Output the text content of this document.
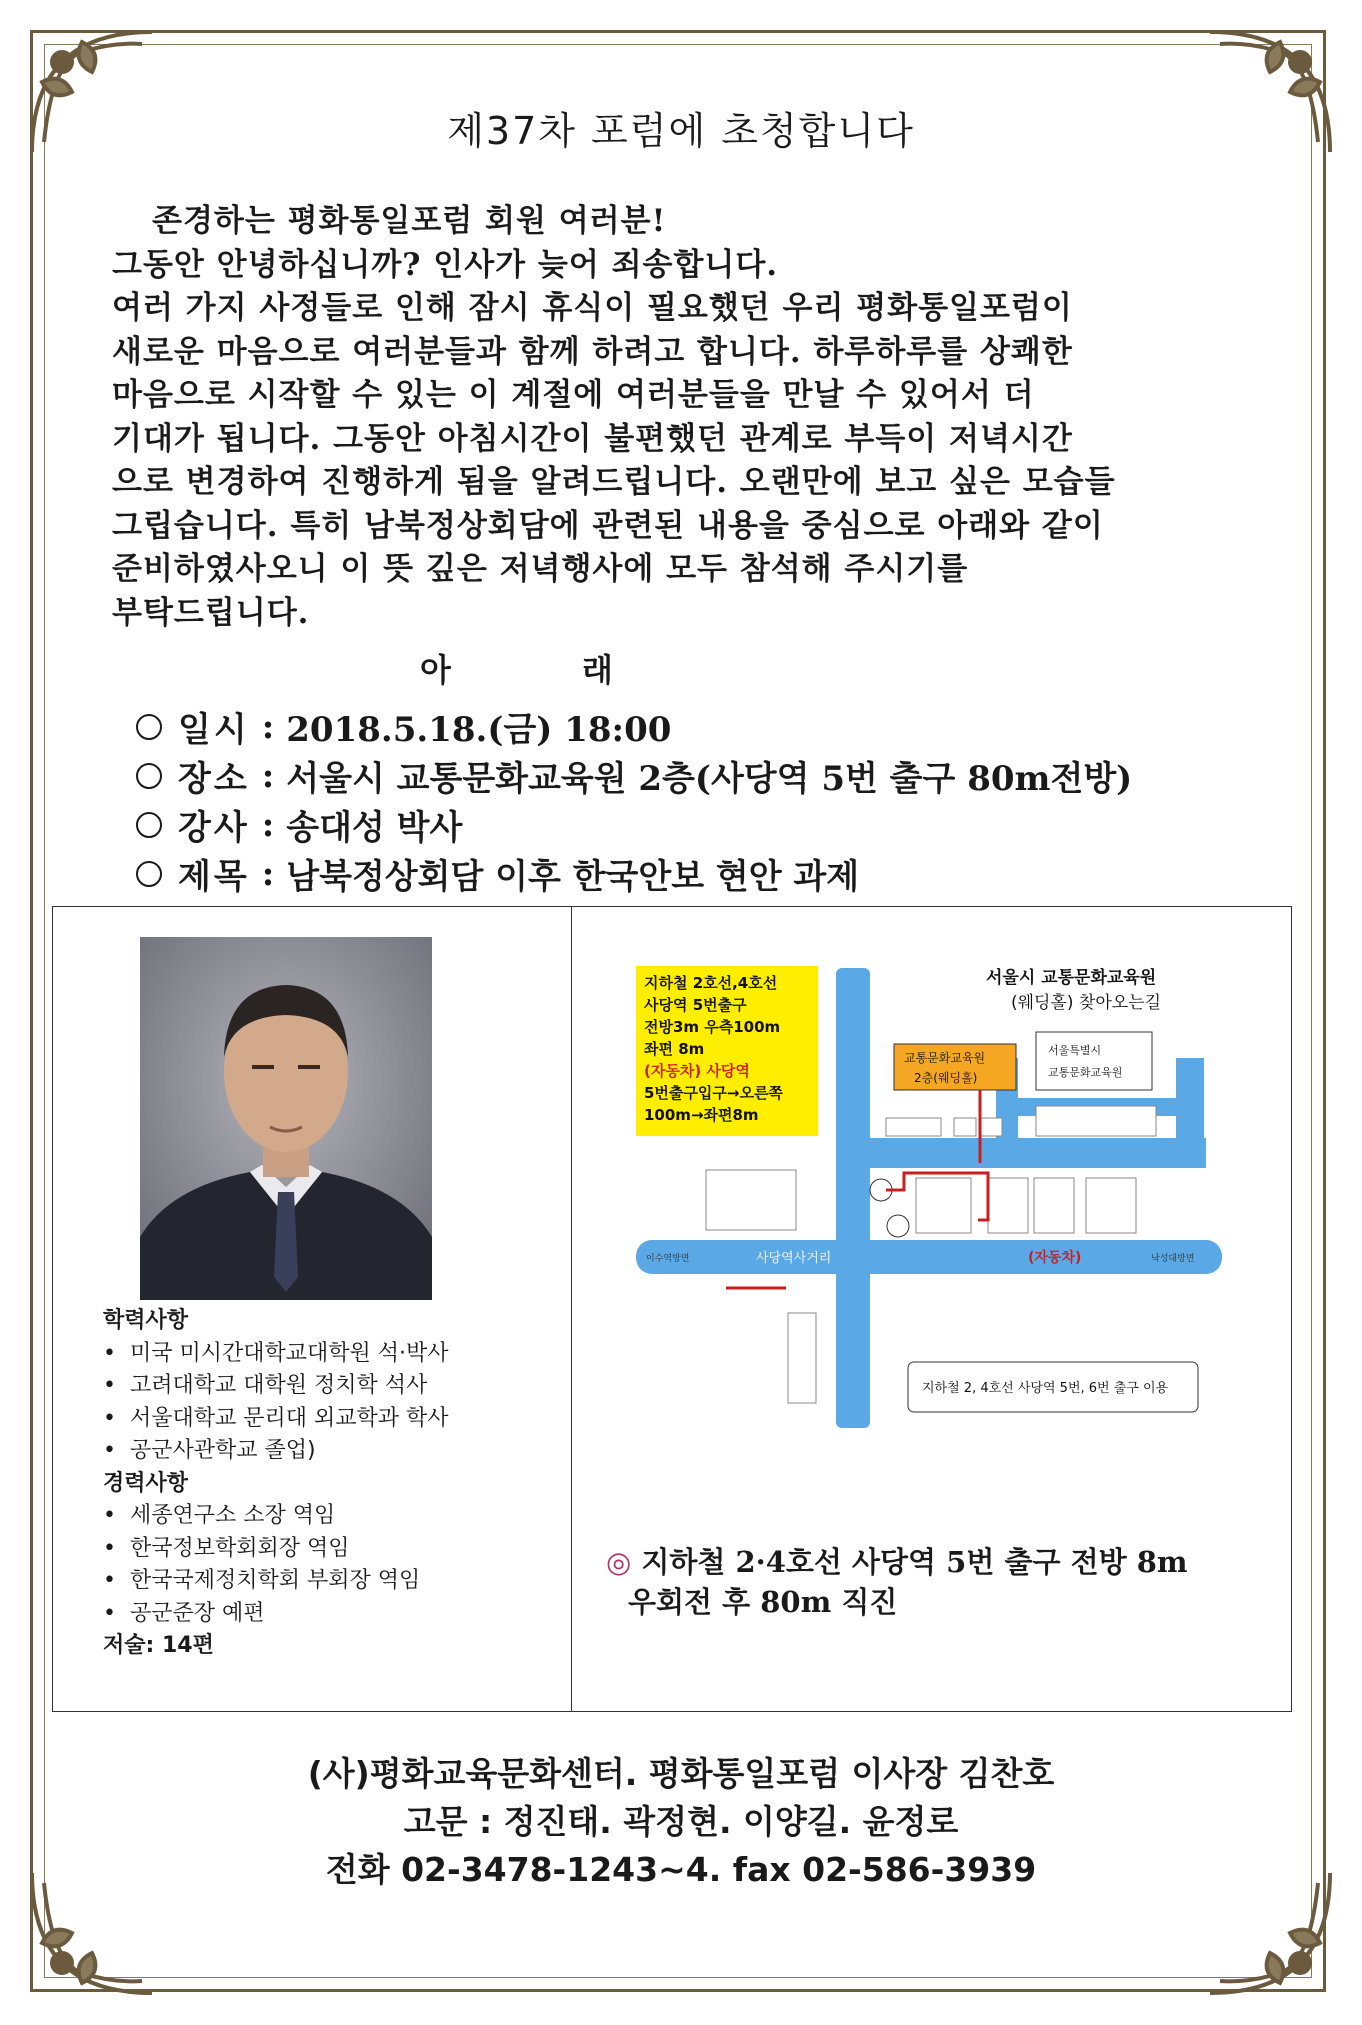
제37차 포럼에 초청합니다

존경하는 평화통일포럼 회원 여러분!

그동안 안녕하십니까? 인사가 늦어 죄송합니다.

여러 가지 사정들로 인해 잠시 휴식이 필요했던 우리 평화통일포럼이

새로운 마음으로 여러분들과 함께 하려고 합니다. 하루하루를 상쾌한

마음으로 시작할 수 있는 이 계절에 여러분들을 만날 수 있어서 더

기대가 됩니다. 그동안 아침시간이 불편했던 관계로 부득이 저녁시간

으로 변경하여 진행하게 됨을 알려드립니다. 오랜만에 보고 싶은 모습들

그립습니다. 특히 남북정상회담에 관련된 내용을 중심으로 아래와 같이

준비하였사오니 이 뜻 깊은 저녁행사에 모두 참석해 주시기를

부탁드립니다.

아 래
일시 : 2018.5.18.(금) 18:00
장소 : 서울시 교통문화교육원 2층(사당역 5번 출구 80m전방)
강사 : 송대성 박사
제목 : 남북정상회담 이후 한국안보 현안 과제
학력사항
• 미국 미시간대학교대학원 석·박사
• 고려대학교 대학원 정치학 석사
• 서울대학교 문리대 외교학과 학사
• 공군사관학교 졸업)
경력사항
• 세종연구소 소장 역임
• 한국정보학회회장 역임
• 한국국제정치학회 부회장 역임
• 공군준장 예편
저술: 14편
지하철 2호선,4호선
사당역 5번출구
전방3m 우측100m
좌편 8m
(자동차) 사당역
5번출구입구→오른쪽
100m→좌편8m
서울시 교통문화교육원
(웨딩홀) 찾아오는길
교통문화교육원
2층(웨딩홀)
서울특별시
교통문화교육원
사당역사거리	(자동차)
이수역방면	낙성대방면
지하철 2, 4호선 사당역 5번, 6번 출구 이용
◎ 지하철 2·4호선 사당역 5번 출구 전방 8m
우회전 후 80m 직진
(사)평화교육문화센터. 평화통일포럼 이사장 김찬호
고문 : 정진태. 곽정현. 이양길. 윤정로
전화 02-3478-1243~4. fax 02-586-3939
